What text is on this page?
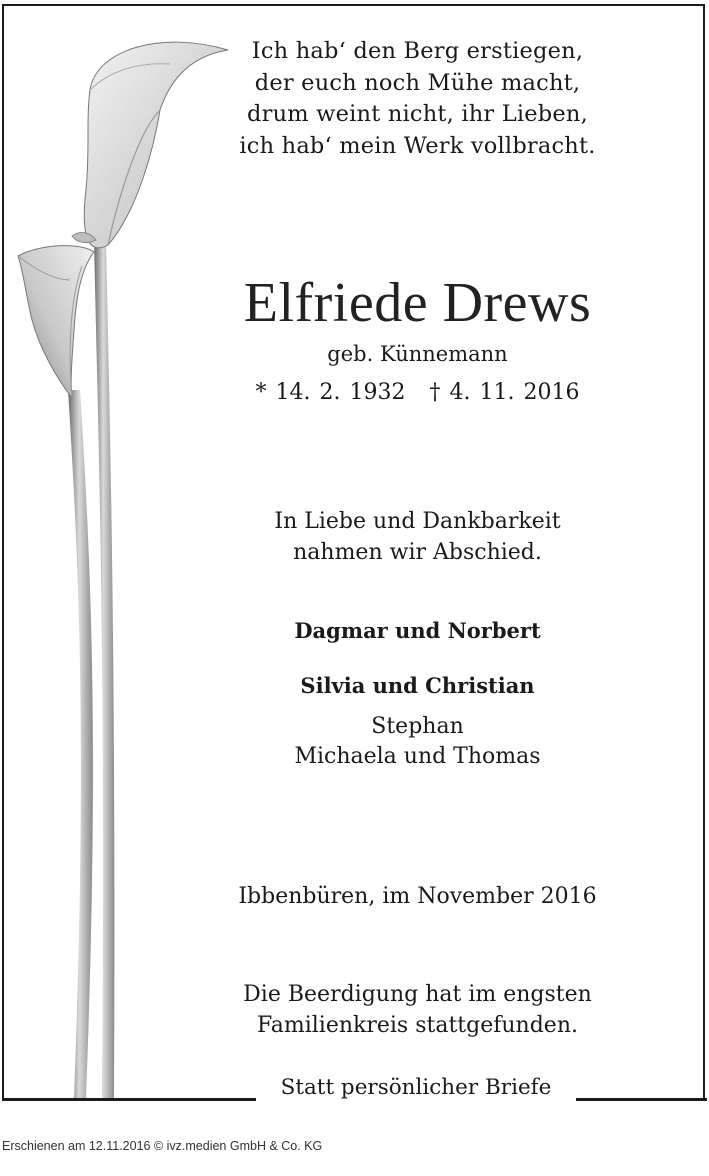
Ich hab‘ den Berg erstiegen,
der euch noch Mühe macht,
drum weint nicht, ihr Lieben,
ich hab‘ mein Werk vollbracht.
Elfriede Drews
geb. Künnemann
* 14. 2. 1932 † 4. 11. 2016
In Liebe und Dankbarkeit
nahmen wir Abschied.
Dagmar und Norbert
Silvia und Christian
Stephan
Michaela und Thomas
Ibbenbüren, im November 2016
Die Beerdigung hat im engsten
Familienkreis stattgefunden.
Statt persönlicher Briefe
Erschienen am 12.11.2016 © ivz.medien GmbH & Co. KG
